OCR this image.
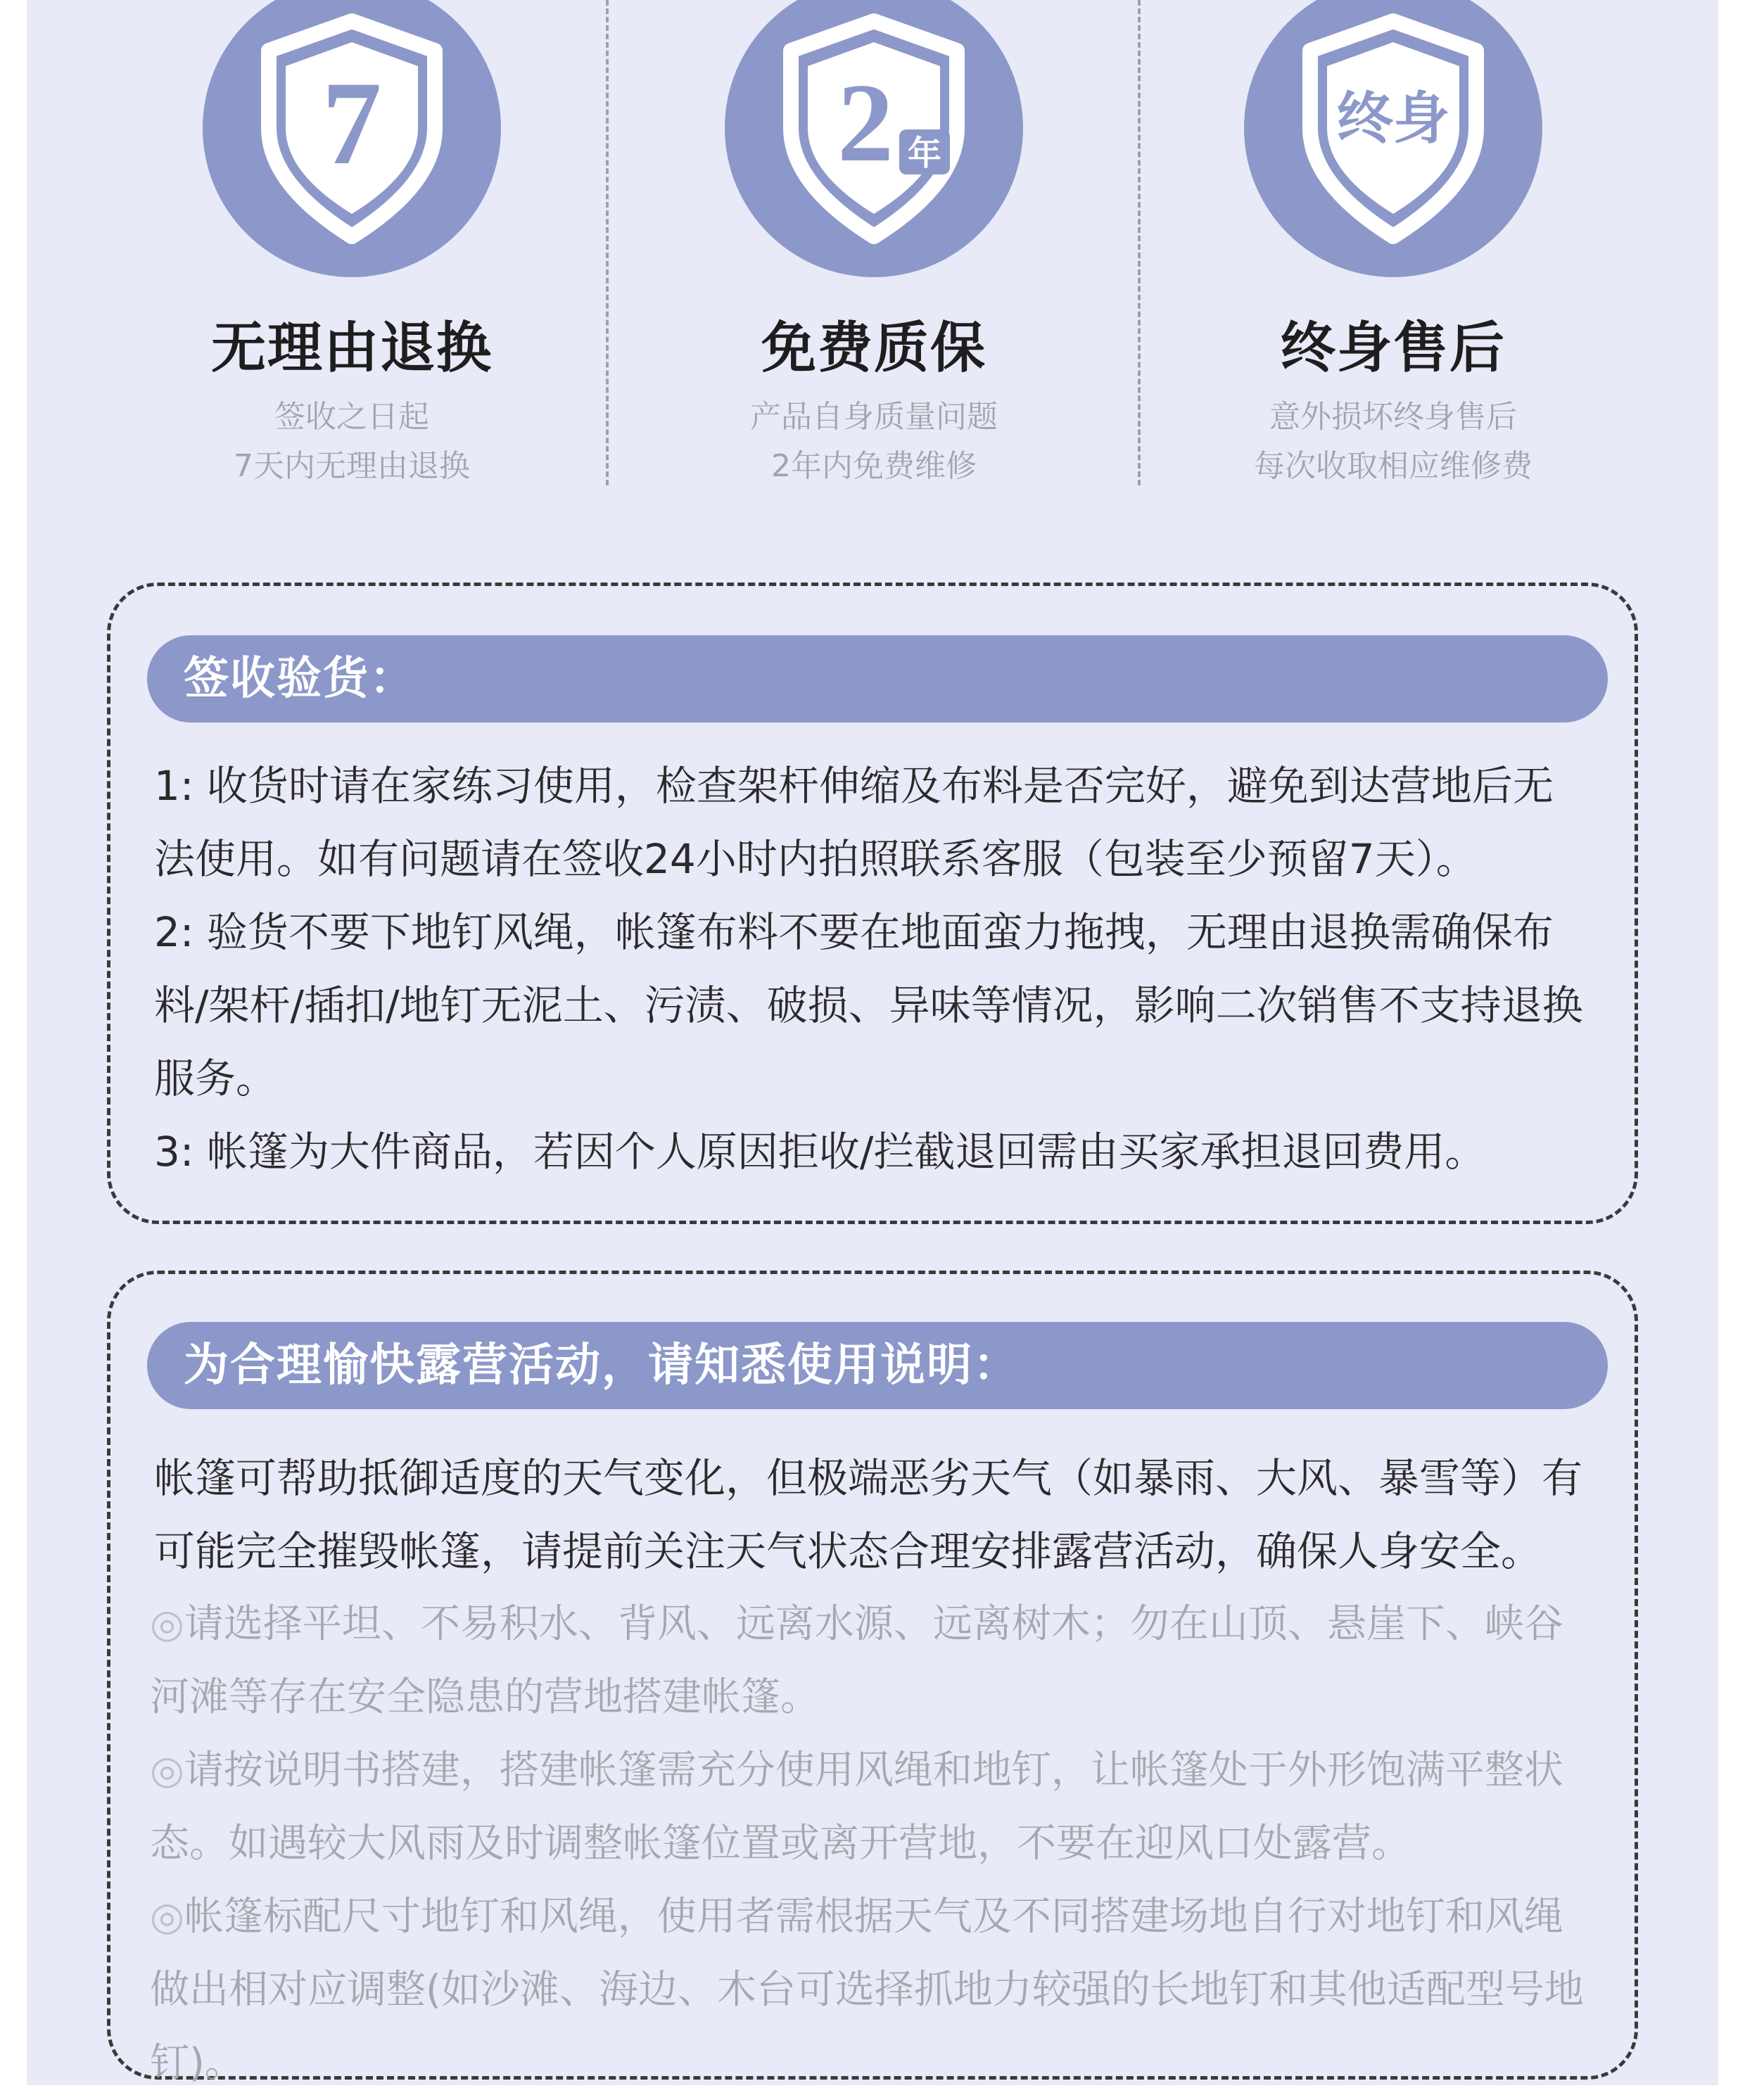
7
无理由退换
签收之日起
7天内无理由退换
2 年
免费质保
产品自身质量问题
2年内免费维修
终身
终身售后
意外损坏终身售后
每次收取相应维修费
签收验货：

1: 收货时请在家练习使用，检查架杆伸缩及布料是否完好，避免到达营地后无法使用。如有问题请在签收24小时内拍照联系客服（包装至少预留7天）。

2: 验货不要下地钉风绳，帐篷布料不要在地面蛮力拖拽，无理由退换需确保布料/架杆/插扣/地钉无泥土、污渍、破损、异味等情况，影响二次销售不支持退换服务。

3: 帐篷为大件商品，若因个人原因拒收/拦截退回需由买家承担退回费用。

为合理愉快露营活动，请知悉使用说明：

帐篷可帮助抵御适度的天气变化，但极端恶劣天气（如暴雨、大风、暴雪等）有可能完全摧毁帐篷，请提前关注天气状态合理安排露营活动，确保人身安全。

◎请选择平坦、不易积水、背风、远离水源、远离树木；勿在山顶、悬崖下、峡谷河滩等存在安全隐患的营地搭建帐篷。

◎请按说明书搭建，搭建帐篷需充分使用风绳和地钉，让帐篷处于外形饱满平整状态。如遇较大风雨及时调整帐篷位置或离开营地，不要在迎风口处露营。

◎帐篷标配尺寸地钉和风绳，使用者需根据天气及不同搭建场地自行对地钉和风绳做出相对应调整(如沙滩、海边、木台可选择抓地力较强的长地钉和其他适配型号地钉)。
